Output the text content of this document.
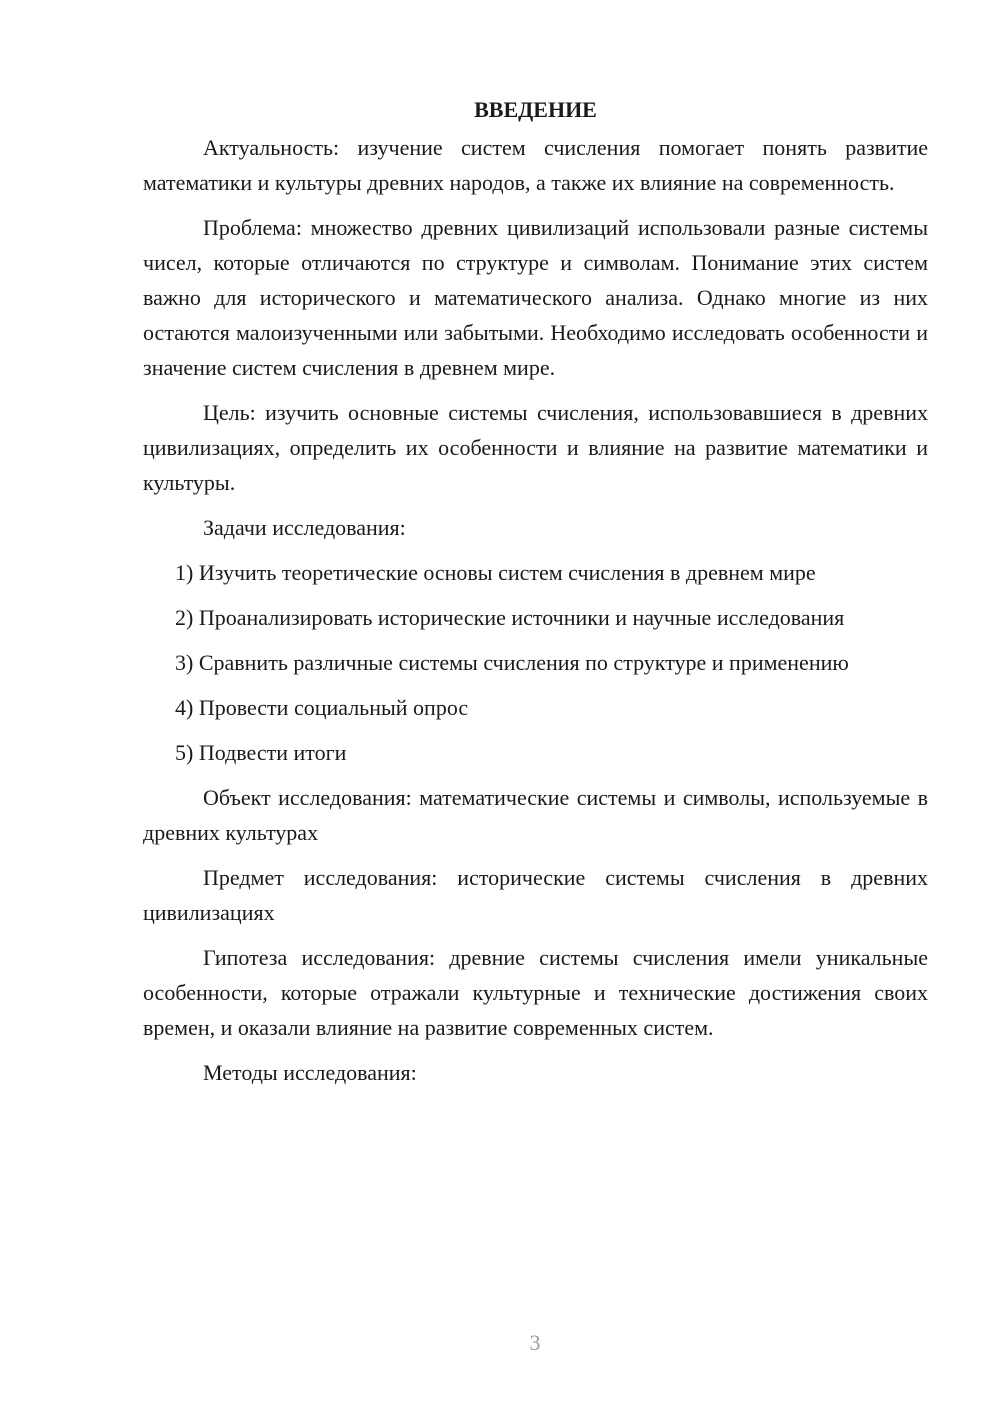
ВВЕДЕНИЕ

Актуальность: изучение систем счисления помогает понять развитие математики и культуры древних народов, а также их влияние на современность.

Проблема: множество древних цивилизаций использовали разные системы чисел, которые отличаются по структуре и символам. Понимание этих систем важно для исторического и математического анализа. Однако многие из них остаются малоизученными или забытыми. Необходимо исследовать особенности и значение систем счисления в древнем мире.

Цель: изучить основные системы счисления, использовавшиеся в древних цивилизациях, определить их особенности и влияние на развитие математики и культуры.

Задачи исследования:

1) Изучить теоретические основы систем счисления в древнем мире

2) Проанализировать исторические источники и научные исследования

3) Сравнить различные системы счисления по структуре и применению

4) Провести социальный опрос

5) Подвести итоги

Объект исследования: математические системы и символы, используемые в древних культурах

Предмет исследования: исторические системы счисления в древних цивилизациях

Гипотеза исследования: древние системы счисления имели уникальные особенности, которые отражали культурные и технические достижения своих времен, и оказали влияние на развитие современных систем.

Методы исследования:

3
